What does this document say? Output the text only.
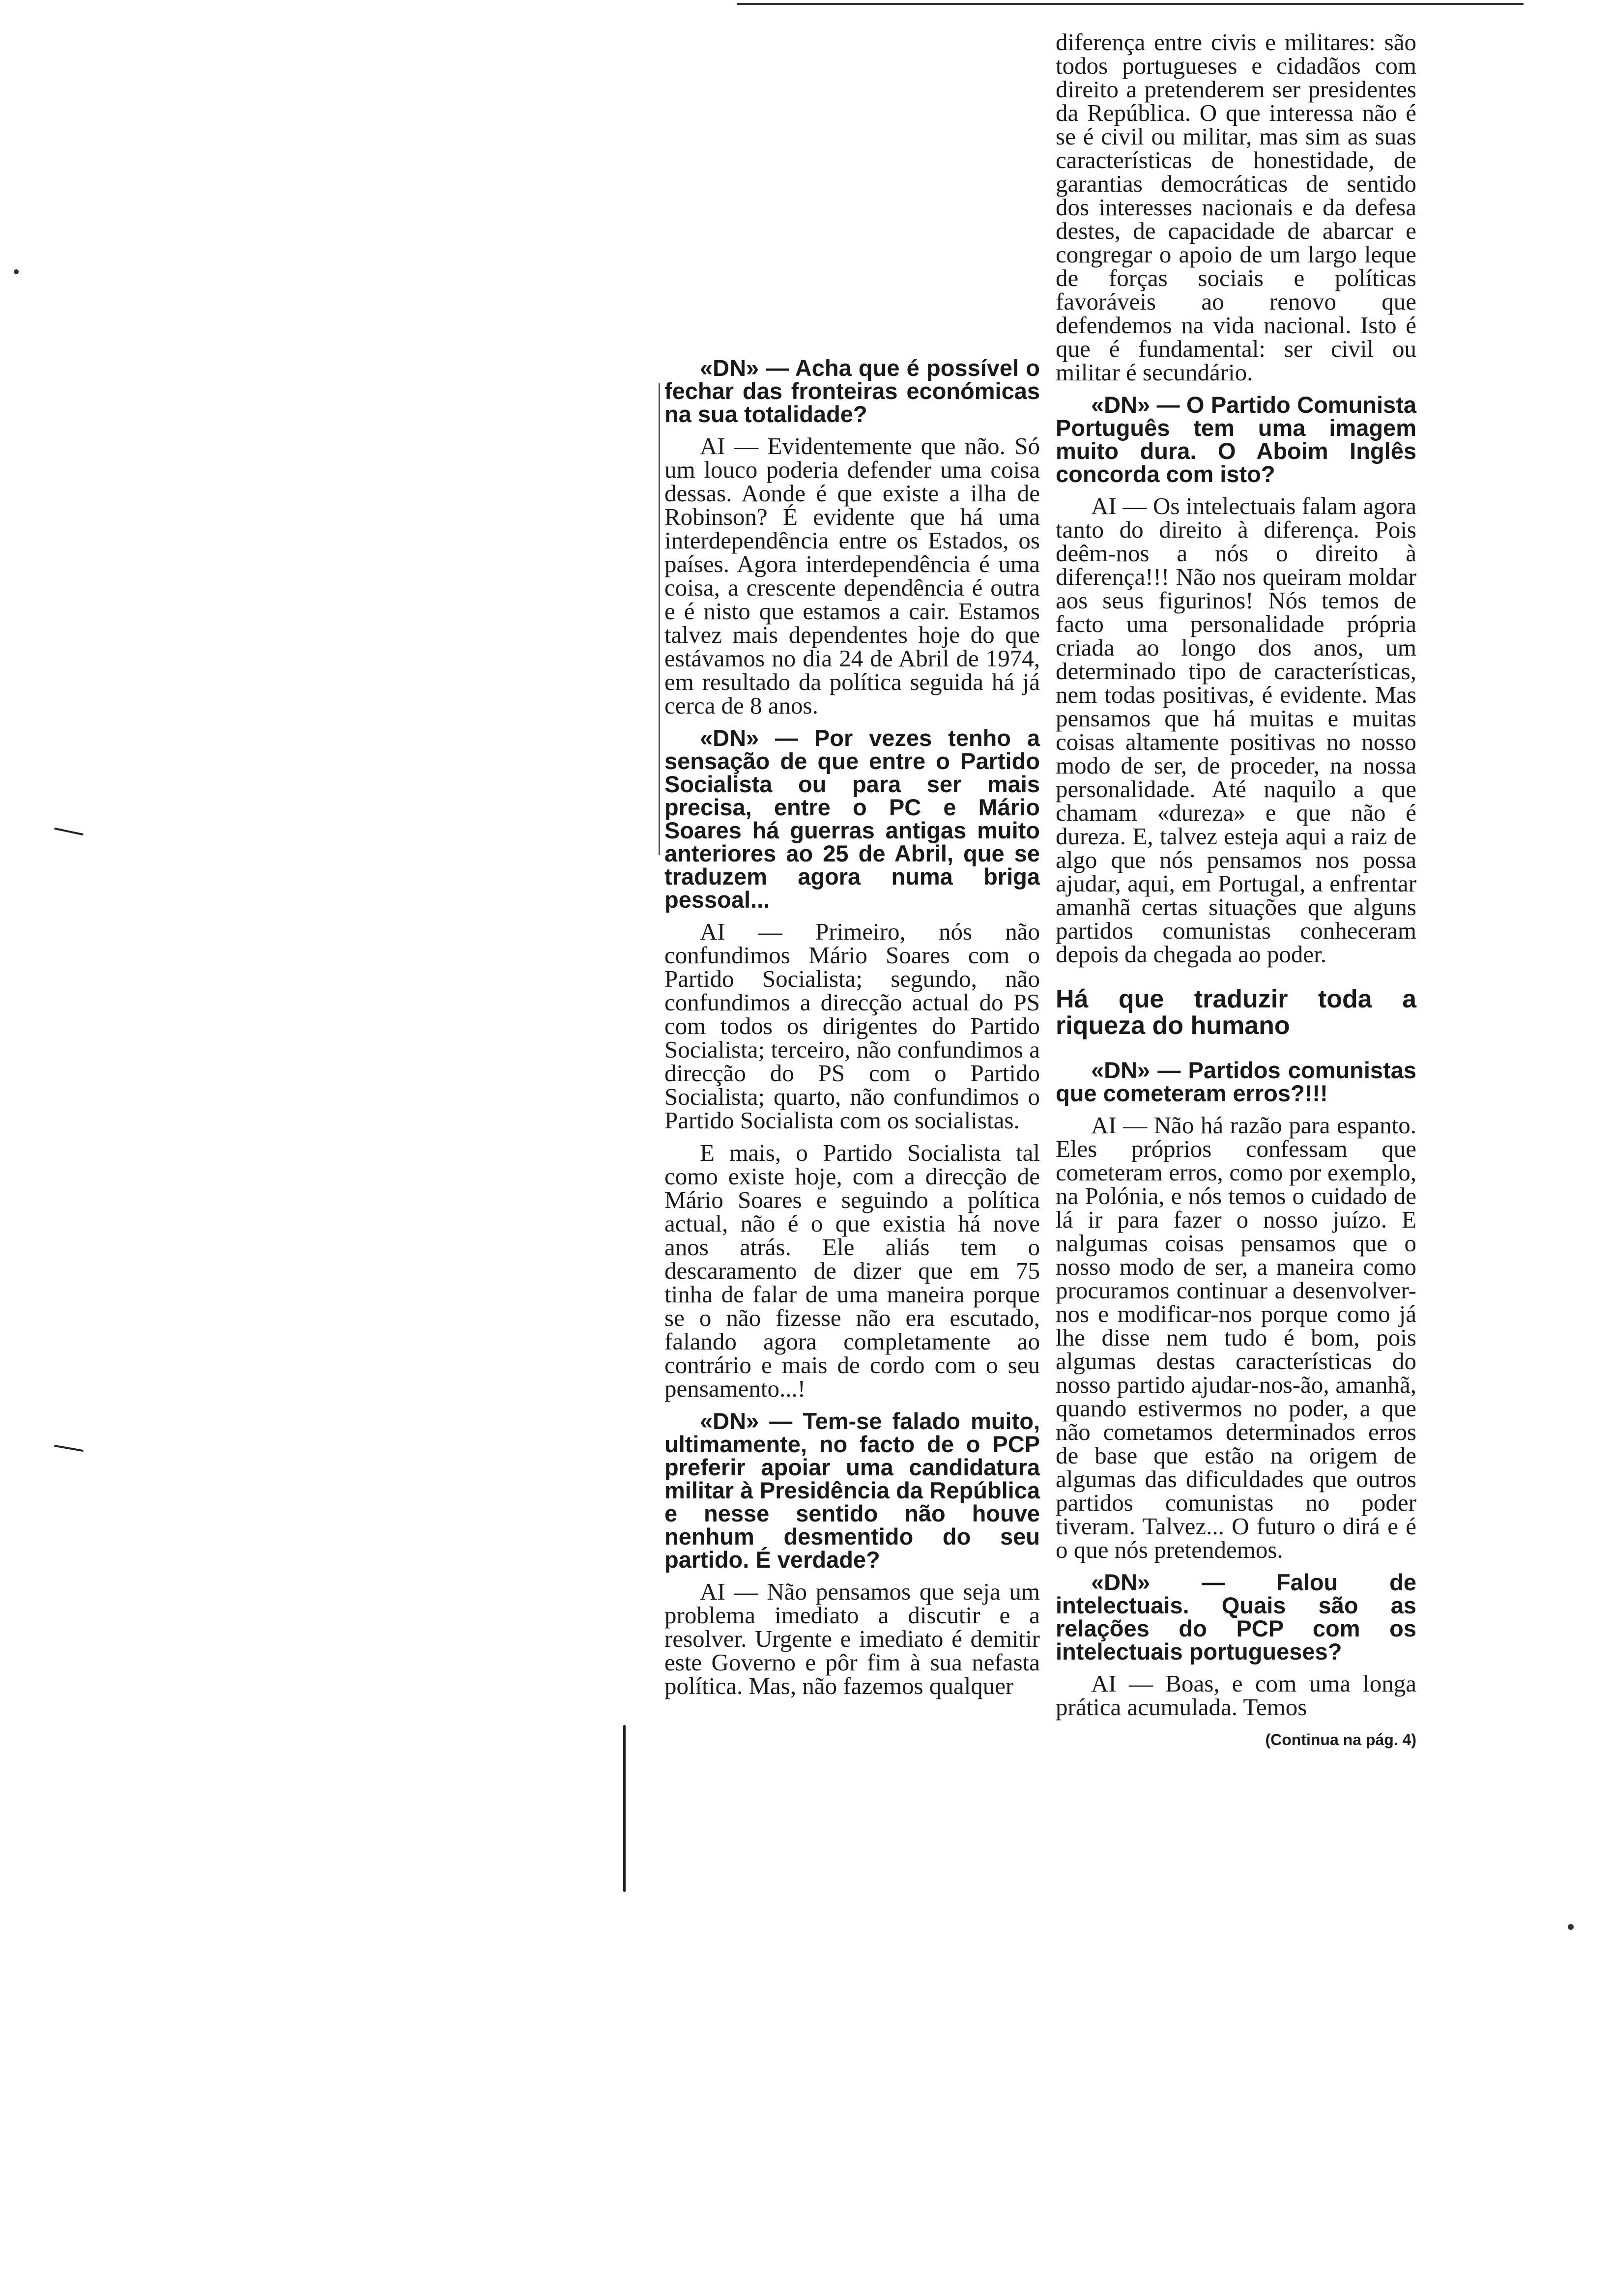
«DN» — Acha que é possível o fechar das fronteiras económicas na sua totalidade?

AI — Evidentemente que não. Só um louco poderia defender uma coisa dessas. Aonde é que existe a ilha de Robinson? É evidente que há uma interdependência entre os Estados, os países. Agora interdependência é uma coisa, a crescente dependência é outra e é nisto que estamos a cair. Estamos talvez mais dependentes hoje do que estávamos no dia 24 de Abril de 1974, em resultado da política seguida há já cerca de 8 anos.

«DN» — Por vezes tenho a sensação de que entre o Partido Socialista ou para ser mais precisa, entre o PC e Mário Soares há guerras antigas muito anteriores ao 25 de Abril, que se traduzem agora numa briga pessoal...

AI — Primeiro, nós não confundimos Mário Soares com o Partido Socialista; segundo, não confundimos a direcção actual do PS com todos os dirigentes do Partido Socialista; terceiro, não confundimos a direcção do PS com o Partido Socialista; quarto, não confundimos o Partido Socialista com os socialistas.

E mais, o Partido Socialista tal como existe hoje, com a direcção de Mário Soares e seguindo a política actual, não é o que existia há nove anos atrás. Ele aliás tem o descaramento de dizer que em 75 tinha de falar de uma maneira porque se o não fizesse não era escutado, falando agora completamente ao contrário e mais de cordo com o seu pensamento...!

«DN» — Tem-se falado muito, ultimamente, no facto de o PCP preferir apoiar uma candidatura militar à Presidência da República e nesse sentido não houve nenhum desmentido do seu partido. É verdade?

AI — Não pensamos que seja um problema imediato a discutir e a resolver. Urgente e imediato é demitir este Governo e pôr fim à sua nefasta política. Mas, não fazemos qualquer

diferença entre civis e militares: são todos portugueses e cidadãos com direito a pretenderem ser presidentes da República. O que interessa não é se é civil ou militar, mas sim as suas características de honestidade, de garantias democráticas de sentido dos interesses nacionais e da defesa destes, de capacidade de abarcar e congregar o apoio de um largo leque de forças sociais e políticas favoráveis ao renovo que defendemos na vida nacional. Isto é que é fundamental: ser civil ou militar é secundário.

«DN» — O Partido Comunista Português tem uma imagem muito dura. O Aboim Inglês concorda com isto?

AI — Os intelectuais falam agora tanto do direito à diferença. Pois deêm-nos a nós o direito à diferença!!! Não nos queiram moldar aos seus figurinos! Nós temos de facto uma personalidade própria criada ao longo dos anos, um determinado tipo de características, nem todas positivas, é evidente. Mas pensamos que há muitas e muitas coisas altamente positivas no nosso modo de ser, de proceder, na nossa personalidade. Até naquilo a que chamam «dureza» e que não é dureza. E, talvez esteja aqui a raiz de algo que nós pensamos nos possa ajudar, aqui, em Portugal, a enfrentar amanhã certas situações que alguns partidos comunistas conheceram depois da chegada ao poder.

Há que traduzir toda a riqueza do humano

«DN» — Partidos comunistas que cometeram erros?!!!

AI — Não há razão para espanto. Eles próprios confessam que cometeram erros, como por exemplo, na Polónia, e nós temos o cuidado de lá ir para fazer o nosso juízo. E nalgumas coisas pensamos que o nosso modo de ser, a maneira como procuramos continuar a desenvolver-nos e modificar-nos porque como já lhe disse nem tudo é bom, pois algumas destas características do nosso partido ajudar-nos-ão, amanhã, quando estivermos no poder, a que não cometamos determinados erros de base que estão na origem de algumas das dificuldades que outros partidos comunistas no poder tiveram. Talvez... O futuro o dirá e é o que nós pretendemos.

«DN» — Falou de intelectuais. Quais são as relações do PCP com os intelectuais portugueses?

AI — Boas, e com uma longa prática acumulada. Temos

(Continua na pág. 4)
